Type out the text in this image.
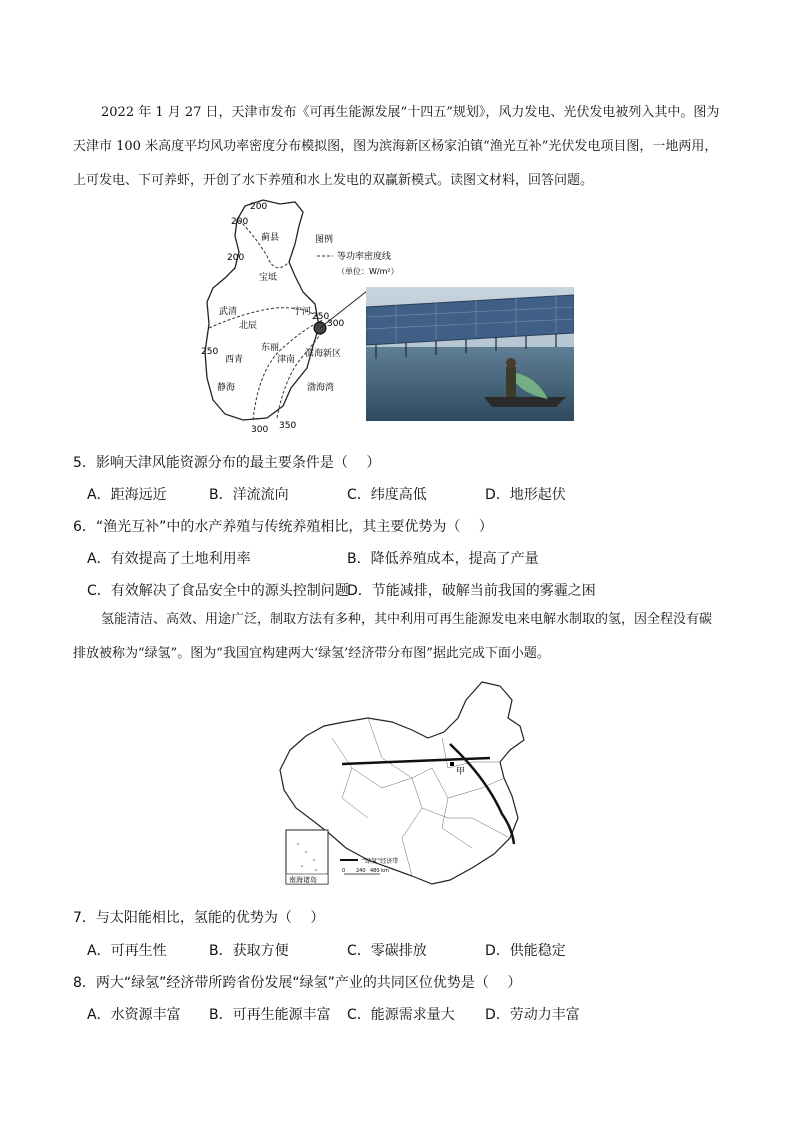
2022 年 1 月 27 日，天津市发布《可再生能源发展“十四五”规划》，风力发电、光伏发电被列入其中。图为天津市 100 米高度平均风功率密度分布模拟图，图为滨海新区杨家泊镇“渔光互补”光伏发电项目图，一地两用，上可发电、下可养虾，开创了水下养殖和水上发电的双赢新模式。读图文材料，回答问题。
200
200
200
250
250
300
300 350
蓟县
宝坻
宁河
武清
北辰
东丽
西青	津南
静海
滨海新区
渤海湾
图例
等功率密度线
（单位：W/m²）
5．影响天津风能资源分布的最主要条件是（　 ）
A．距海远近	B．洋流流向	C．纬度高低	D．地形起伏
6．“渔光互补”中的水产养殖与传统养殖相比，其主要优势为（　 ）
A．有效提高了土地利用率	B．降低养殖成本，提高了产量
C．有效解决了食品安全中的源头控制问题
D．节能减排，破解当前我国的雾霾之困
氢能清洁、高效、用途广泛，制取方法有多种，其中利用可再生能源发电来电解水制取的氢，因全程没有碳排放被称为“绿氢”。图为“我国宜构建两大‘绿氢’经济带分布图”据此完成下面小题。
甲
南海诸岛
“绿氢”经济带
0 240 480 km
7．与太阳能相比，氢能的优势为（　 ）
A．可再生性	B．获取方便	C．零碳排放	D．供能稳定
8．两大“绿氢”经济带所跨省份发展“绿氢”产业的共同区位优势是（　 ）
A．水资源丰富 B．可再生能源丰富 C．能源需求量大 D．劳动力丰富
